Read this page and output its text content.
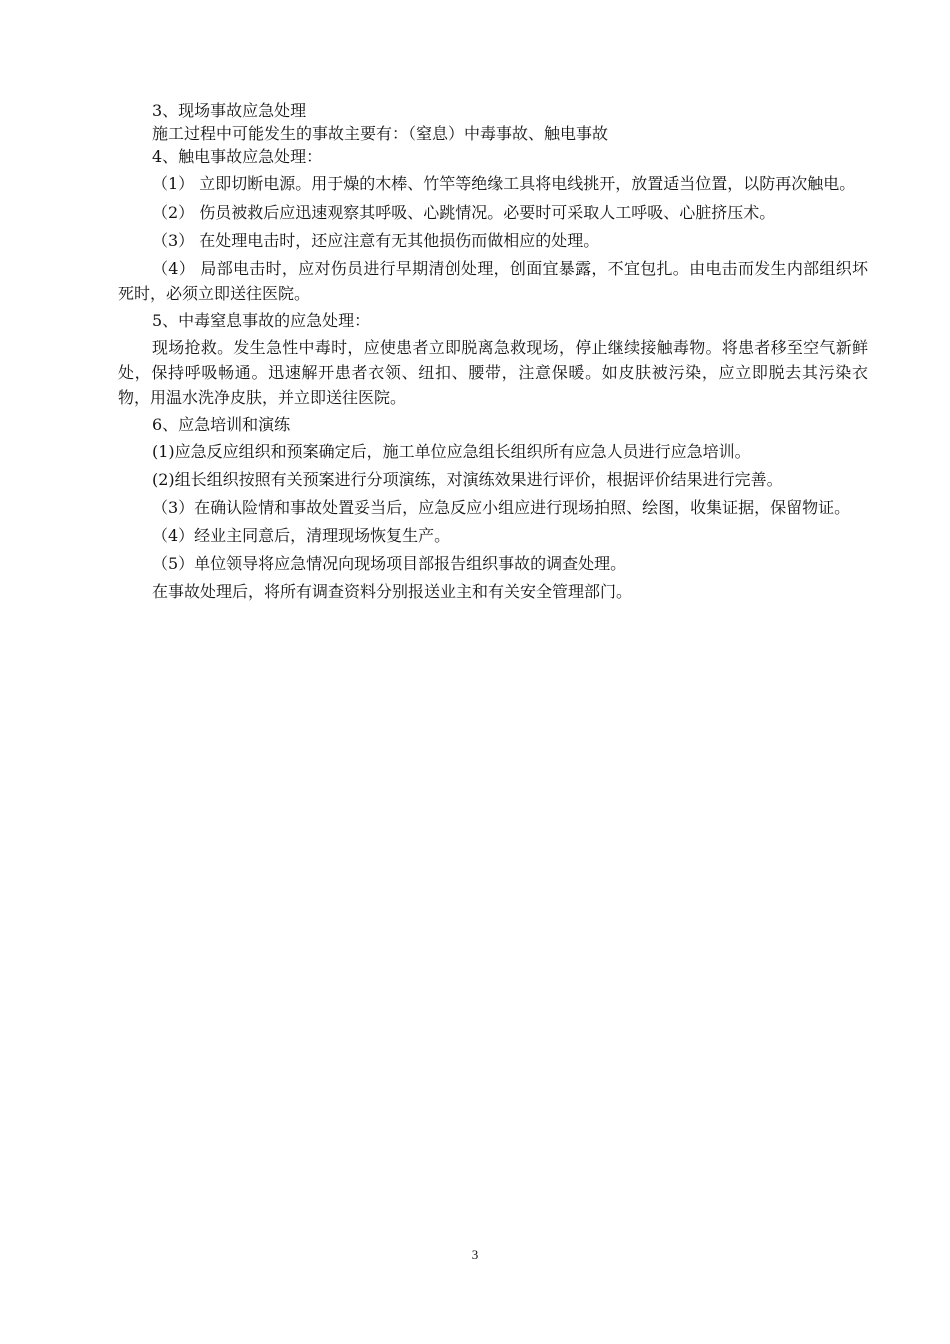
3、现场事故应急处理

施工过程中可能发生的事故主要有：（窒息）中毒事故、触电事故

4、触电事故应急处理：

（1） 立即切断电源。用于燥的木棒、竹竿等绝缘工具将电线挑开，放置适当位置，以防再次触电。

（2） 伤员被救后应迅速观察其呼吸、心跳情况。必要时可采取人工呼吸、心脏挤压术。

（3） 在处理电击时，还应注意有无其他损伤而做相应的处理。

（4） 局部电击时，应对伤员进行早期清创处理，创面宜暴露，不宜包扎。由电击而发生内部组织坏死时，必须立即送往医院。

5、中毒窒息事故的应急处理：

现场抢救。发生急性中毒时，应使患者立即脱离急救现场，停止继续接触毒物。将患者移至空气新鲜处，保持呼吸畅通。迅速解开患者衣领、纽扣、腰带，注意保暖。如皮肤被污染，应立即脱去其污染衣物，用温水洗净皮肤，并立即送往医院。

6、应急培训和演练

(1)应急反应组织和预案确定后，施工单位应急组长组织所有应急人员进行应急培训。

(2)组长组织按照有关预案进行分项演练，对演练效果进行评价，根据评价结果进行完善。

（3）在确认险情和事故处置妥当后，应急反应小组应进行现场拍照、绘图，收集证据，保留物证。

（4）经业主同意后，清理现场恢复生产。

（5）单位领导将应急情况向现场项目部报告组织事故的调查处理。

在事故处理后，将所有调查资料分别报送业主和有关安全管理部门。

3
